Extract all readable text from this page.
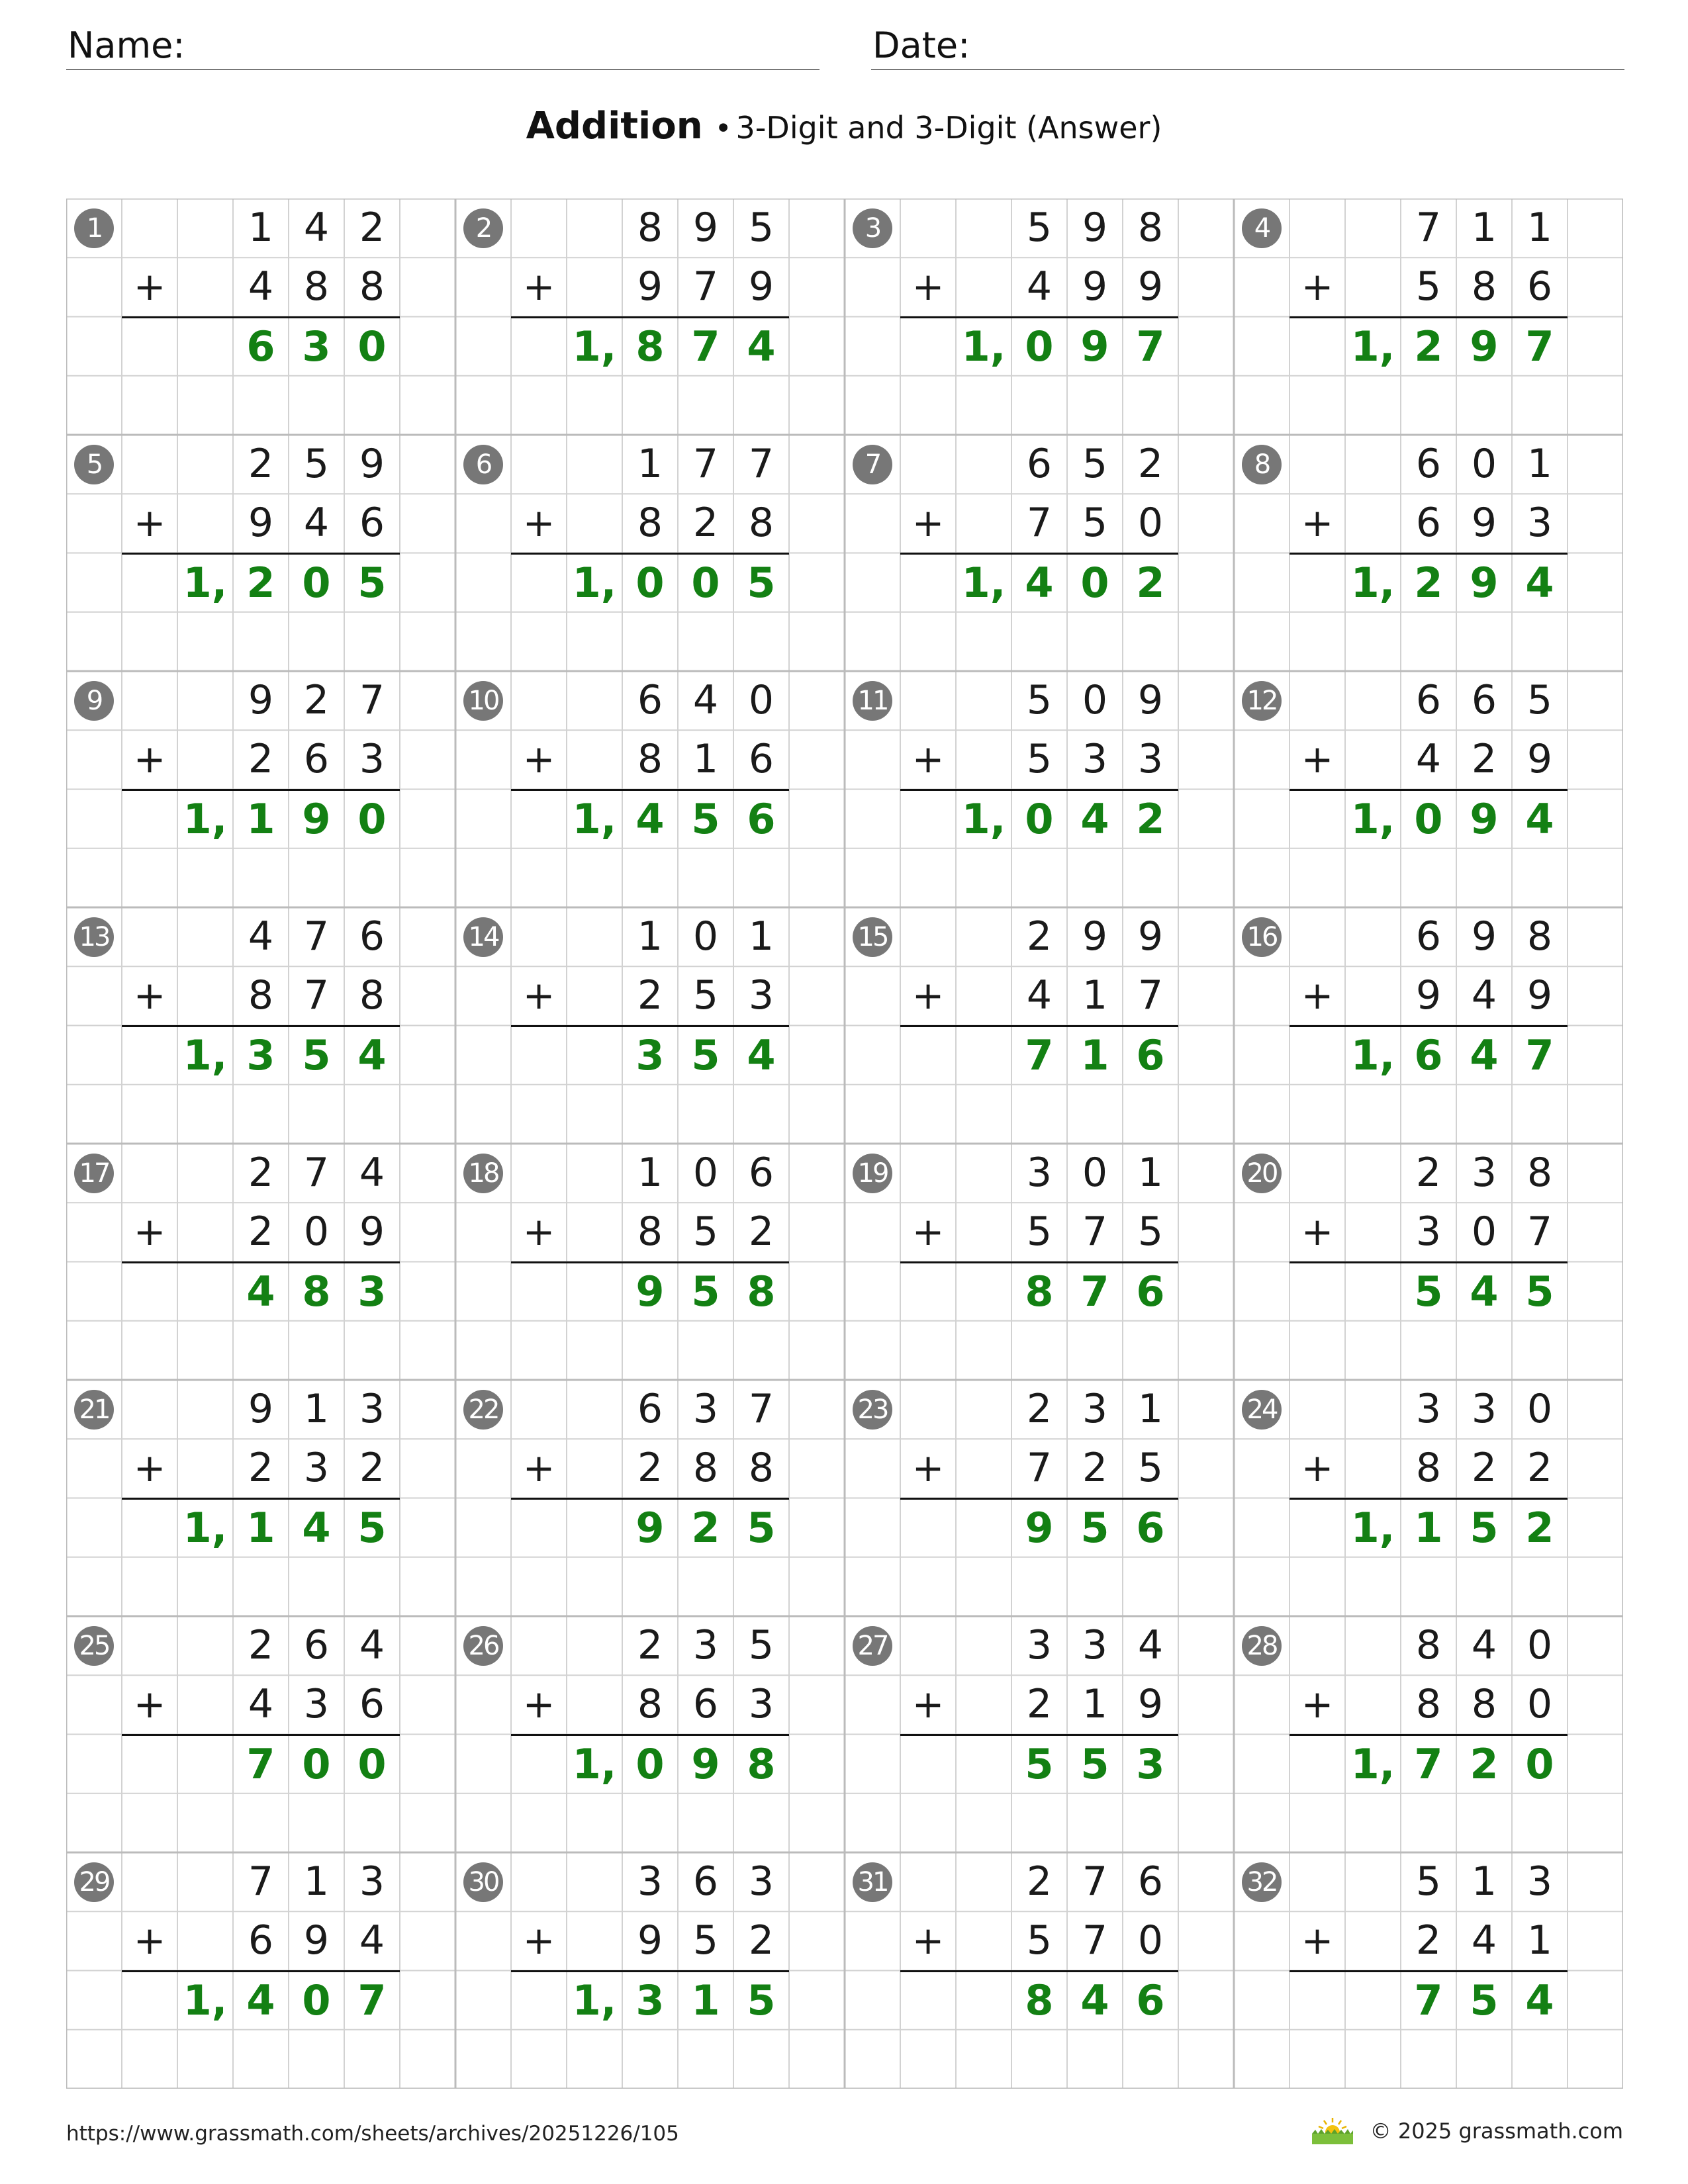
Name:	Date:
Addition • 3-Digit and 3-Digit (Answer)
1	1 4 2
+	4 8 8
6 3 0
2	8 9 5
+	9 7 9
1, 8 7 4
3	5 9 8
+	4 9 9
1, 0 9 7
4	7 1 1
+	5 8 6
1, 2 9 7
5	2 5 9
+	9 4 6
1, 2 0 5
6	1 7 7
+	8 2 8
1, 0 0 5
7	6 5 2
+	7 5 0
1, 4 0 2
8	6 0 1
+	6 9 3
1, 2 9 4
9	9 2 7
+	2 6 3
1, 1 9 0
10	6 4 0
+	8 1 6
1, 4 5 6
11	5 0 9
+	5 3 3
1, 0 4 2
12	6 6 5
+	4 2 9
1, 0 9 4
13	4 7 6
+	8 7 8
1, 3 5 4
14	1 0 1
+	2 5 3
3 5 4
15	2 9 9
+	4 1 7
7 1 6
16	6 9 8
+	9 4 9
1, 6 4 7
17	2 7 4
+	2 0 9
4 8 3
18	1 0 6
+	8 5 2
9 5 8
19	3 0 1
+	5 7 5
8 7 6
20	2 3 8
+	3 0 7
5 4 5
21	9 1 3
+	2 3 2
1, 1 4 5
22	6 3 7
+	2 8 8
9 2 5
23	2 3 1
+	7 2 5
9 5 6
24	3 3 0
+	8 2 2
1, 1 5 2
25	2 6 4
+	4 3 6
7 0 0
26	2 3 5
+	8 6 3
1, 0 9 8
27	3 3 4
+	2 1 9
5 5 3
28	8 4 0
+	8 8 0
1, 7 2 0
29	7 1 3
+	6 9 4
1, 4 0 7
30	3 6 3
+	9 5 2
1, 3 1 5
31	2 7 6
+	5 7 0
8 4 6
32	5 1 3
+	2 4 1
7 5 4
https://www.grassmath.com/sheets/archives/20251226/105	© 2025 grassmath.com
